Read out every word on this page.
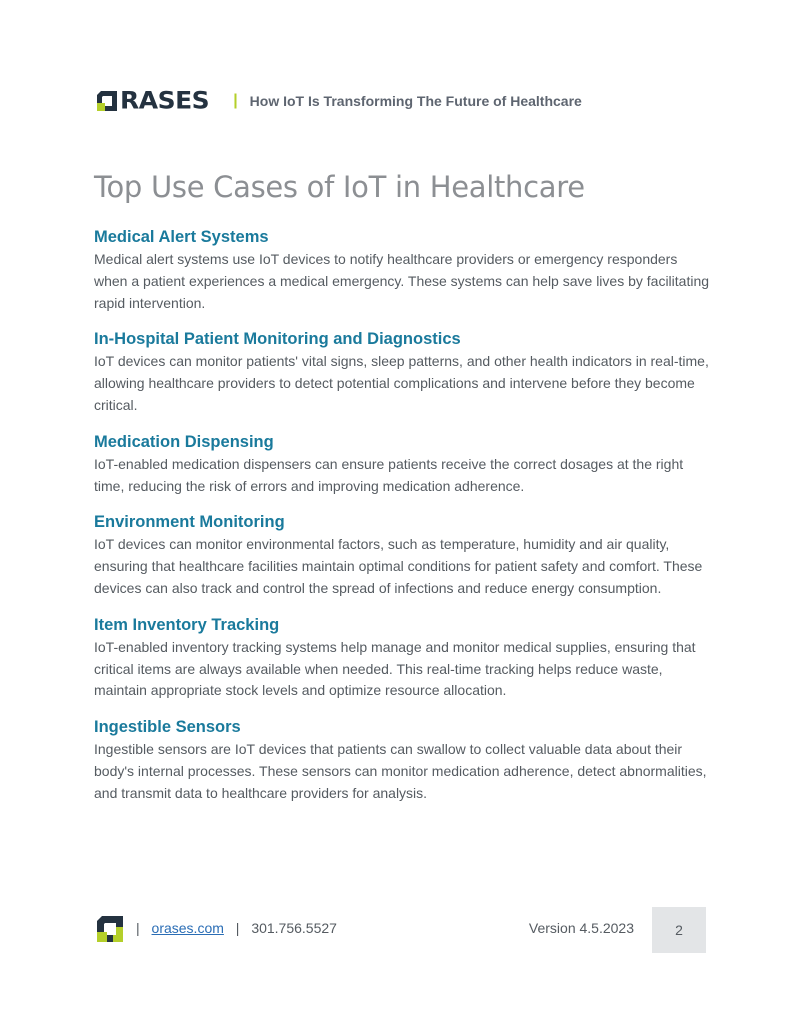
RASES | How IoT Is Transforming The Future of Healthcare
Top Use Cases of IoT in Healthcare
Medical Alert Systems

Medical alert systems use IoT devices to notify healthcare providers or emergency responders when a patient experiences a medical emergency. These systems can help save lives by facilitating rapid intervention.

In-Hospital Patient Monitoring and Diagnostics

IoT devices can monitor patients' vital signs, sleep patterns, and other health indicators in real-time, allowing healthcare providers to detect potential complications and intervene before they become critical.

Medication Dispensing

IoT-enabled medication dispensers can ensure patients receive the correct dosages at the right time, reducing the risk of errors and improving medication adherence.

Environment Monitoring

IoT devices can monitor environmental factors, such as temperature, humidity and air quality, ensuring that healthcare facilities maintain optimal conditions for patient safety and comfort. These devices can also track and control the spread of infections and reduce energy consumption.

Item Inventory Tracking

IoT-enabled inventory tracking systems help manage and monitor medical supplies, ensuring that critical items are always available when needed. This real-time tracking helps reduce waste, maintain appropriate stock levels and optimize resource allocation.

Ingestible Sensors

Ingestible sensors are IoT devices that patients can swallow to collect valuable data about their body's internal processes. These sensors can monitor medication adherence, detect abnormalities, and transmit data to healthcare providers for analysis.

| orases.com | 301.756.5527	Version 4.5.2023	2
